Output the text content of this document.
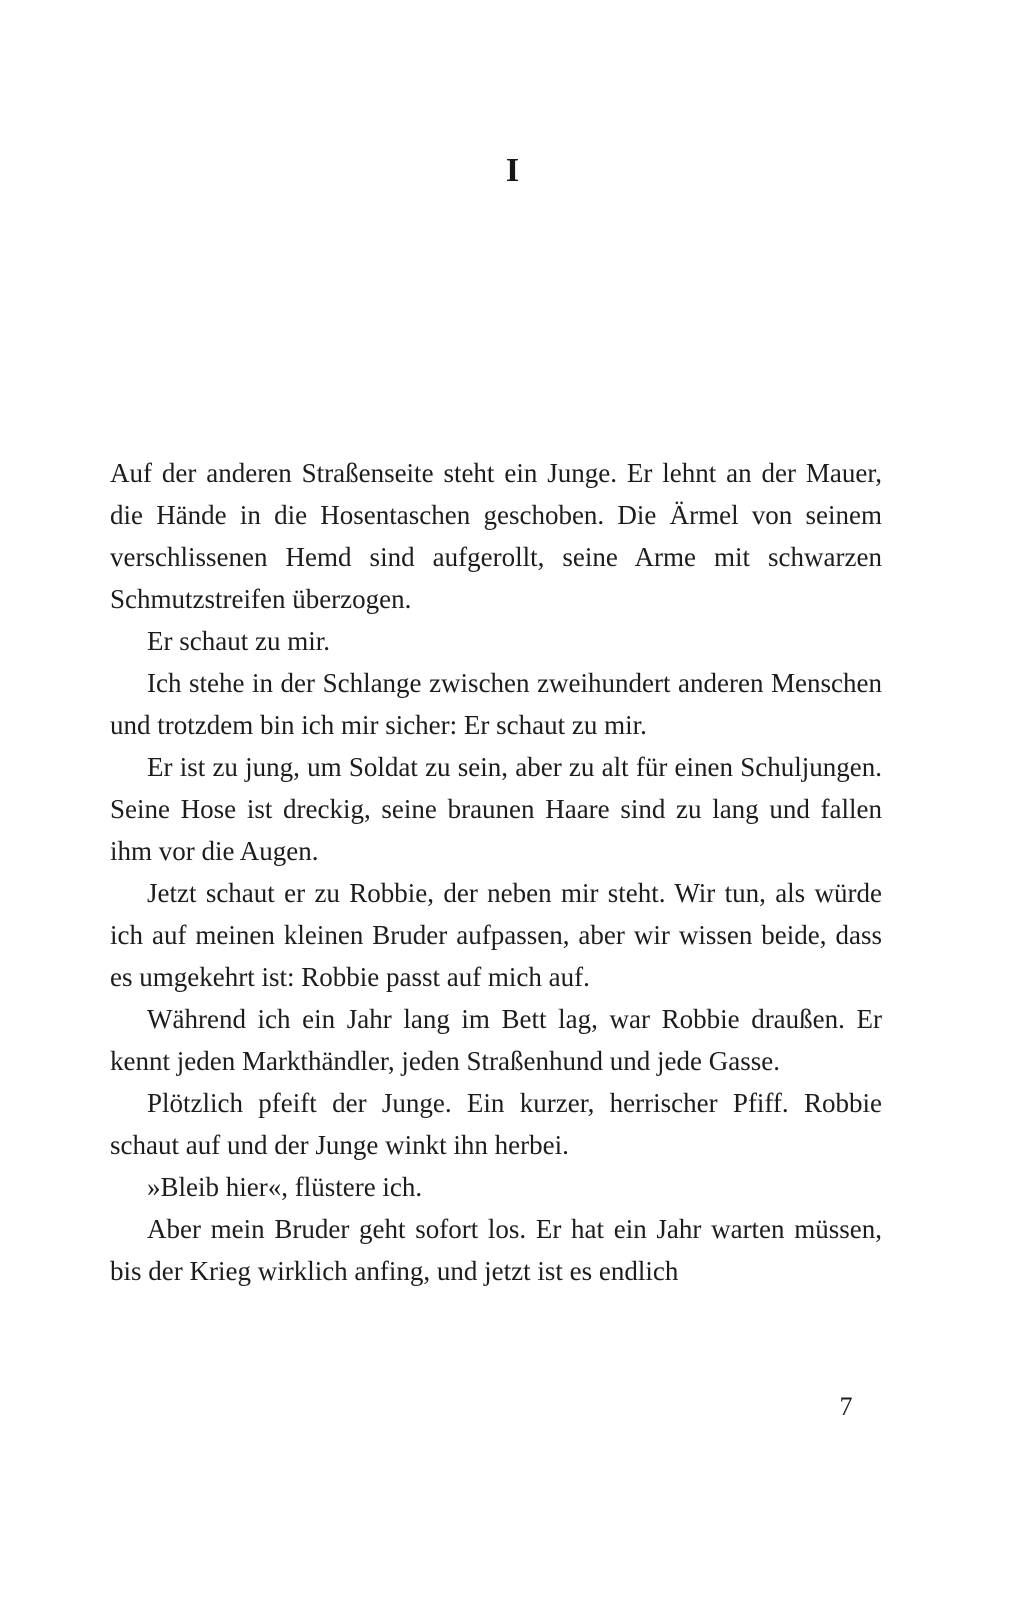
I

Auf der anderen Straßenseite steht ein Junge. Er lehnt an der Mauer, die Hände in die Hosentaschen geschoben. Die Ärmel von seinem verschlissenen Hemd sind aufgerollt, seine Arme mit schwarzen Schmutzstreifen überzogen.

Er schaut zu mir.

Ich stehe in der Schlange zwischen zweihundert anderen Menschen und trotzdem bin ich mir sicher: Er schaut zu mir.

Er ist zu jung, um Soldat zu sein, aber zu alt für einen Schuljungen. Seine Hose ist dreckig, seine braunen Haare sind zu lang und fallen ihm vor die Augen.

Jetzt schaut er zu Robbie, der neben mir steht. Wir tun, als würde ich auf meinen kleinen Bruder aufpassen, aber wir wissen beide, dass es umgekehrt ist: Robbie passt auf mich auf.

Während ich ein Jahr lang im Bett lag, war Robbie draußen. Er kennt jeden Markthändler, jeden Straßenhund und jede Gasse.

Plötzlich pfeift der Junge. Ein kurzer, herrischer Pfiff. Robbie schaut auf und der Junge winkt ihn herbei.

»Bleib hier«, flüstere ich.

Aber mein Bruder geht sofort los. Er hat ein Jahr warten müssen, bis der Krieg wirklich anfing, und jetzt ist es endlich

7
